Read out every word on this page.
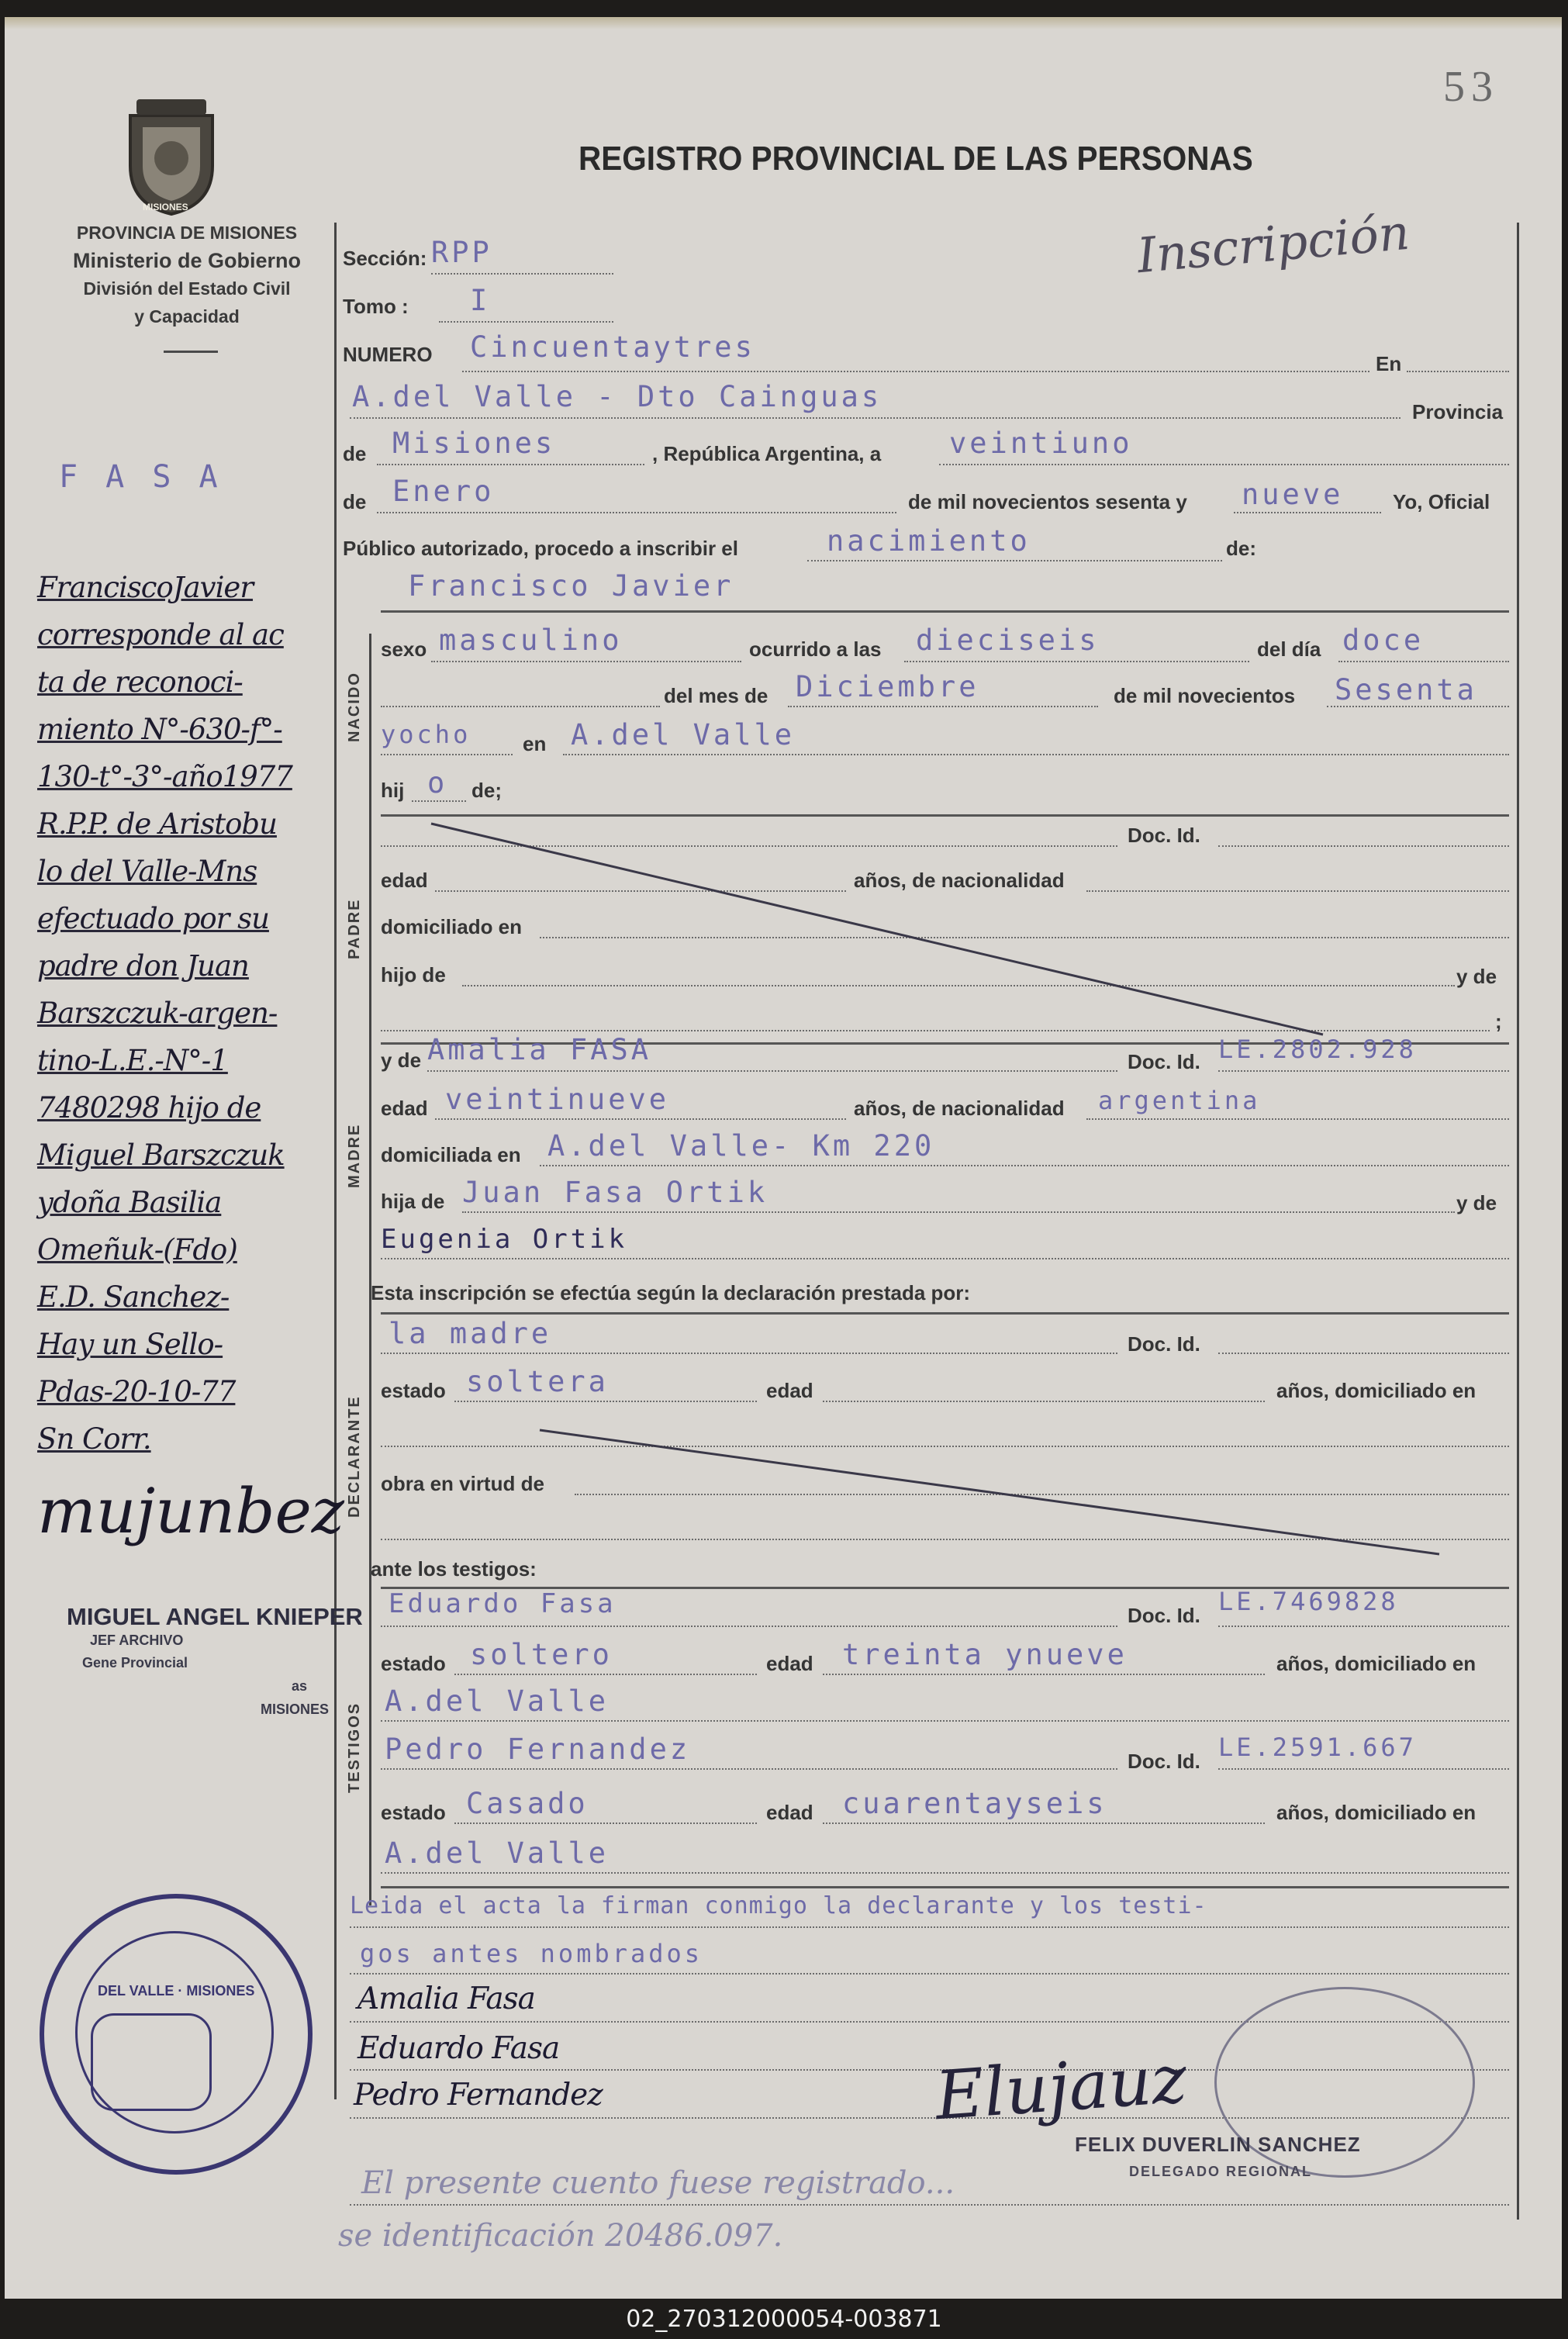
53
REGISTRO PROVINCIAL DE LAS PERSONAS
MISIONES
PROVINCIA DE MISIONES
Ministerio de Gobierno
División del Estado Civil
y Capacidad
Inscripción
F A S A
FranciscoJavier
corresponde al ac
ta de reconoci-
miento N°-630-f°-
130-t°-3°-año1977
R.P.P. de Aristobu
lo del Valle-Mns
efectuado por su
padre don Juan
Barszczuk-argen-
tino-L.E.-N°-1
7480298 hijo de
Miguel Barszczuk
ydoña Basilia
Omeñuk-(Fdo)
E.D. Sanchez-
Hay un Sello-
Pdas-20-10-77
Sn Corr.
mujunbez
MIGUEL ANGEL KNIEPER
JEF ARCHIVO
Gene Provincial
as
MISIONES
DEL VALLE · MISIONES
Sección: RPP
Tomo : I
NUMERO Cincuentaytres	En
A.del Valle - Dto Cainguas	Provincia
de Misiones	, República Argentina, a veintiuno
de Enero	de mil novecientos sesenta y nueve Yo, Oficial
Público autorizado, procedo a inscribir el	nacimiento	de:
NACIDO
Francisco Javier
sexo masculino	ocurrido a las dieciseis	del día doce
del mes de Diciembre	de mil novecientos Sesenta
yocho	en A.del Valle
hij o de;
PADRE
Doc. Id.
edad	años, de nacionalidad
domiciliado en
hijo de	y de
;
MADRE
y de Amalia FASA	Doc. Id. LE.2802.928
edad veintinueve	años, de nacionalidad argentina
domiciliada en A.del Valle- Km 220
hija de Juan Fasa Ortik	y de
Eugenia Ortik
Esta inscripción se efectúa según la declaración prestada por:
DECLARANTE
la madre	Doc. Id.
estado soltera	edad	años, domiciliado en
obra en virtud de
ante los testigos:
TESTIGOS
Eduardo Fasa	Doc. Id. LE.7469828
estado soltero	edad treinta ynueve	años, domiciliado en
A.del Valle
Pedro Fernandez	Doc. Id. LE.2591.667
estado Casado	edad cuarentayseis	años, domiciliado en
A.del Valle
Leida el acta la firman conmigo la declarante y los testi-
gos antes nombrados
Amalia Fasa
Eduardo Fasa
Pedro Fernandez	Elujauz
FELIX DUVERLIN SANCHEZ
DELEGADO REGIONAL
El presente cuento fuese registrado...
se identificación 20486.097.
02_270312000054-003871
